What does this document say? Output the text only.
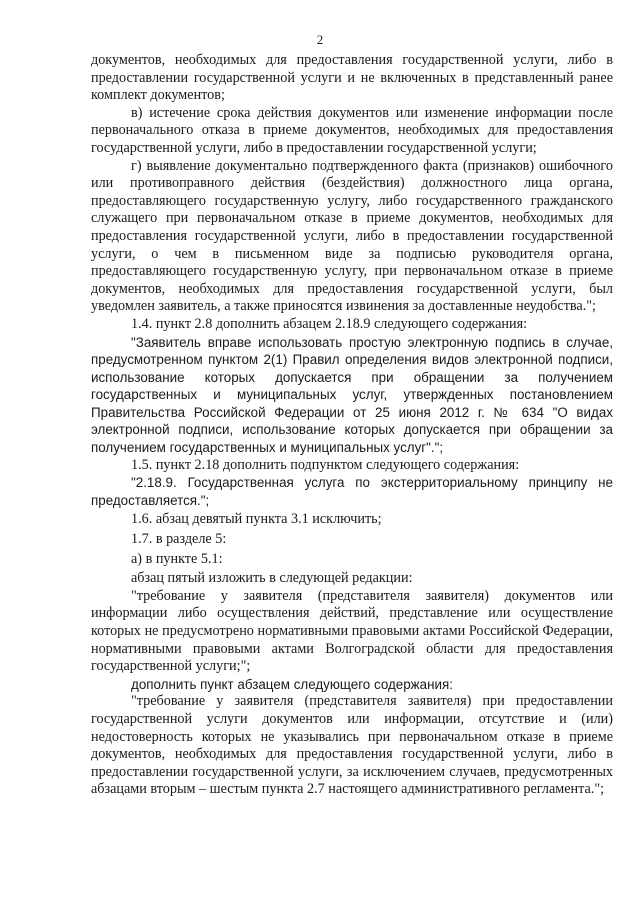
2

документов, необходимых для предоставления государственной услуги, либо в предоставлении государственной услуги и не включенных в представленный ранее комплект документов;

в) истечение срока действия документов или изменение информации после первоначального отказа в приеме документов, необходимых для предоставления государственной услуги, либо в предоставлении государственной услуги;

г) выявление документально подтвержденного факта (признаков) ошибочного или противоправного действия (бездействия) должностного лица органа, предоставляющего государственную услугу, либо государственного гражданского служащего при первоначальном отказе в приеме документов, необходимых для предоставления государственной услуги, либо в предоставлении государственной услуги, о чем в письменном виде за подписью руководителя органа, предоставляющего государственную услугу, при первоначальном отказе в приеме документов, необходимых для предоставления государственной услуги, был уведомлен заявитель, а также приносятся извинения за доставленные неудобства.";

1.4. пункт 2.8 дополнить абзацем 2.18.9 следующего содержания:

"Заявитель вправе использовать простую электронную подпись в случае, предусмотренном пунктом 2(1) Правил определения видов электронной подписи, использование которых допускается при обращении за получением государственных и муниципальных услуг, утвержденных постановлением Правительства Российской Федерации от 25 июня 2012 г. № 634 "О видах электронной подписи, использование которых допускается при обращении за получением государственных и муниципальных услуг".";

1.5. пункт 2.18 дополнить подпунктом следующего содержания:

"2.18.9. Государственная услуга по экстерриториальному принципу не предоставляется.";

1.6. абзац девятый пункта 3.1 исключить;

1.7. в разделе 5:

а) в пункте 5.1:

абзац пятый изложить в следующей редакции:

"требование у заявителя (представителя заявителя) документов или информации либо осуществления действий, представление или осуществление которых не предусмотрено нормативными правовыми актами Российской Федерации, нормативными правовыми актами Волгоградской области для предоставления государственной услуги;";

дополнить пункт абзацем следующего содержания:

"требование у заявителя (представителя заявителя) при предоставлении государственной услуги документов или информации, отсутствие и (или) недостоверность которых не указывались при первоначальном отказе в приеме документов, необходимых для предоставления государственной услуги, либо в предоставлении государственной услуги, за исключением случаев, предусмотренных абзацами вторым – шестым пункта 2.7 настоящего административного регламента.";
